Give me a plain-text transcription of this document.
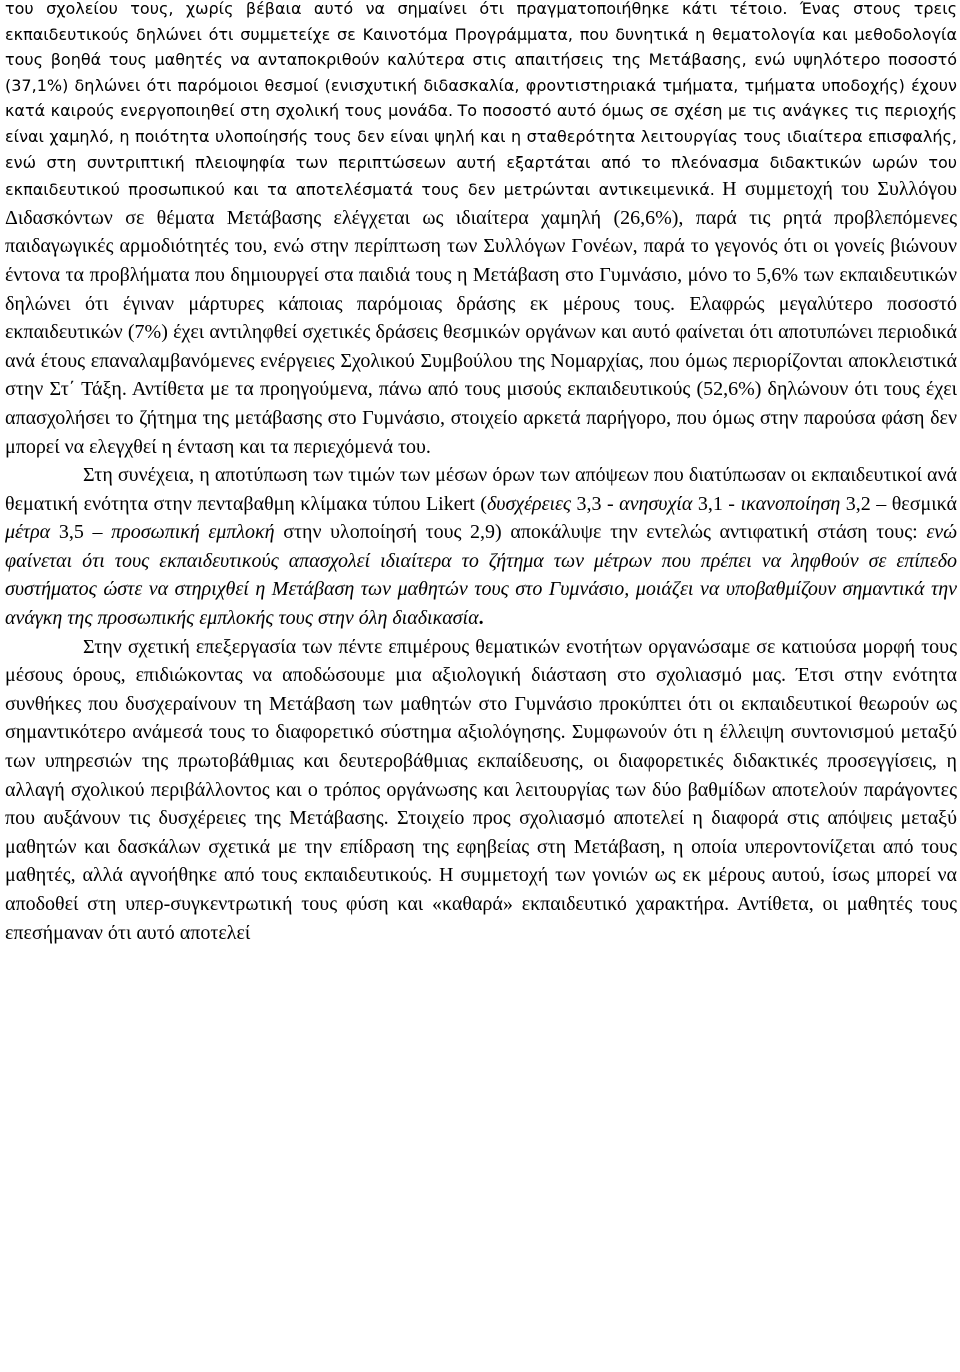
του σχολείου τους, χωρίς βέβαια αυτό να σημαίνει ότι πραγματοποιήθηκε κάτι τέτοιο. Ένας στους τρεις εκπαιδευτικούς δηλώνει ότι συμμετείχε σε Καινοτόμα Προγράμματα, που δυνητικά η θεματολογία και μεθοδολογία τους βοηθά τους μαθητές να ανταποκριθούν καλύτερα στις απαιτήσεις της Μετάβασης, ενώ υψηλότερο ποσοστό (37,1%) δηλώνει ότι παρόμοιοι θεσμοί (ενισχυτική διδασκαλία, φροντιστηριακά τμήματα, τμήματα υποδοχής) έχουν κατά καιρούς ενεργοποιηθεί στη σχολική τους μονάδα. Το ποσοστό αυτό όμως σε σχέση με τις ανάγκες τις περιοχής είναι χαμηλό, η ποιότητα υλοποίησής τους δεν είναι ψηλή και η σταθερότητα λειτουργίας τους ιδιαίτερα επισφαλής, ενώ στη συντριπτική πλειοψηφία των περιπτώσεων αυτή εξαρτάται από το πλεόνασμα διδακτικών ωρών του εκπαιδευτικού προσωπικού και τα αποτελέσματά τους δεν μετρώνται αντικειμενικά. Η συμμετοχή του Συλλόγου Διδασκόντων σε θέματα Μετάβασης ελέγχεται ως ιδιαίτερα χαμηλή (26,6%), παρά τις ρητά προβλεπόμενες παιδαγωγικές αρμοδιότητές του, ενώ στην περίπτωση των Συλλόγων Γονέων, παρά το γεγονός ότι οι γονείς βιώνουν έντονα τα προβλήματα που δημιουργεί στα παιδιά τους η Μετάβαση στο Γυμνάσιο, μόνο το 5,6% των εκπαιδευτικών δηλώνει ότι έγιναν μάρτυρες κάποιας παρόμοιας δράσης εκ μέρους τους. Ελαφρώς μεγαλύτερο ποσοστό εκπαιδευτικών (7%) έχει αντιληφθεί σχετικές δράσεις θεσμικών οργάνων και αυτό φαίνεται ότι αποτυπώνει περιοδικά ανά έτους επαναλαμβανόμενες ενέργειες Σχολικού Συμβούλου της Νομαρχίας, που όμως περιορίζονται αποκλειστικά στην Στ΄ Τάξη. Αντίθετα με τα προηγούμενα, πάνω από τους μισούς εκπαιδευτικούς (52,6%) δηλώνουν ότι τους έχει απασχολήσει το ζήτημα της μετάβασης στο Γυμνάσιο, στοιχείο αρκετά παρήγορο, που όμως στην παρούσα φάση δεν μπορεί να ελεγχθεί η ένταση και τα περιεχόμενά του.

Στη συνέχεια, η αποτύπωση των τιμών των μέσων όρων των απόψεων που διατύπωσαν οι εκπαιδευτικοί ανά θεματική ενότητα στην πενταβαθμη κλίμακα τύπου Likert (δυσχέρειες 3,3 - ανησυχία 3,1 - ικανοποίηση 3,2 – θεσμικά μέτρα 3,5 – προσωπική εμπλοκή στην υλοποίησή τους 2,9) αποκάλυψε την εντελώς αντιφατική στάση τους: ενώ φαίνεται ότι τους εκπαιδευτικούς απασχολεί ιδιαίτερα το ζήτημα των μέτρων που πρέπει να ληφθούν σε επίπεδο συστήματος ώστε να στηριχθεί η Μετάβαση των μαθητών τους στο Γυμνάσιο, μοιάζει να υποβαθμίζουν σημαντικά την ανάγκη της προσωπικής εμπλοκής τους στην όλη διαδικασία.

Στην σχετική επεξεργασία των πέντε επιμέρους θεματικών ενοτήτων οργανώσαμε σε κατιούσα μορφή τους μέσους όρους, επιδιώκοντας να αποδώσουμε μια αξιολογική διάσταση στο σχολιασμό μας. Έτσι στην ενότητα συνθήκες που δυσχεραίνουν τη Μετάβαση των μαθητών στο Γυμνάσιο προκύπτει ότι οι εκπαιδευτικοί θεωρούν ως σημαντικότερο ανάμεσά τους το διαφορετικό σύστημα αξιολόγησης. Συμφωνούν ότι η έλλειψη συντονισμού μεταξύ των υπηρεσιών της πρωτοβάθμιας και δευτεροβάθμιας εκπαίδευσης, οι διαφορετικές διδακτικές προσεγγίσεις, η αλλαγή σχολικού περιβάλλοντος και ο τρόπος οργάνωσης και λειτουργίας των δύο βαθμίδων αποτελούν παράγοντες που αυξάνουν τις δυσχέρειες της Μετάβασης. Στοιχείο προς σχολιασμό αποτελεί η διαφορά στις απόψεις μεταξύ μαθητών και δασκάλων σχετικά με την επίδραση της εφηβείας στη Μετάβαση, η οποία υπεροντονίζεται από τους μαθητές, αλλά αγνοήθηκε από τους εκπαιδευτικούς. Η συμμετοχή των γονιών ως εκ μέρους αυτού, ίσως μπορεί να αποδοθεί στη υπερ-συγκεντρωτική τους φύση και «καθαρά» εκπαιδευτικό χαρακτήρα. Αντίθετα, οι μαθητές τους επεσήμαναν ότι αυτό αποτελεί
